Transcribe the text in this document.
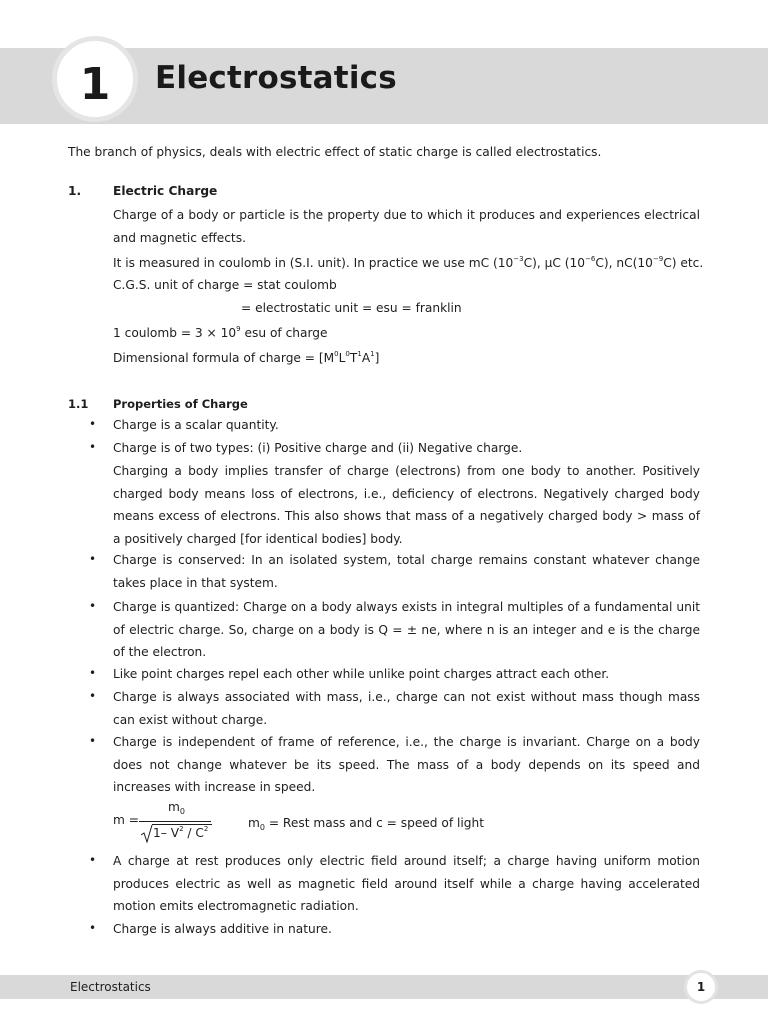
1 Electrostatics

The branch of physics, deals with electric effect of static charge is called electrostatics.

1.	Electric Charge

Charge of a body or particle is the property due to which it produces and experiences electrical and magnetic effects.

It is measured in coulomb in (S.I. unit). In practice we use mC $(10^{-3}C)$, μC $(10^{-6}C)$, $nC(10^{-9}C)$ etc.
C.G.S. unit of charge = stat coulomb
= electrostatic unit = esu = franklin
1 coulomb = $3 \times 10^9$ esu of charge
Dimensional formula of charge = $[M^0L^0T^1A^1]$
1.1 Properties of Charge
• Charge is a scalar quantity.

• Charge is of two types: (i) Positive charge and (ii) Negative charge.

Charging a body implies transfer of charge (electrons) from one body to another. Positively charged body means loss of electrons, i.e., deficiency of electrons. Negatively charged body means excess of electrons. This also shows that mass of a negatively charged body > mass of a positively charged [for identical bodies] body.

• Charge is conserved: In an isolated system, total charge remains constant whatever change takes place in that system.

• Charge is quantized: Charge on a body always exists in integral multiples of a fundamental unit of electric charge. So, charge on a body is Q = ± ne, where n is an integer and e is the charge of the electron.

• Like point charges repel each other while unlike point charges attract each other.

• Charge is always associated with mass, i.e., charge can not exist without mass though mass can exist without charge.

• Charge is independent of frame of reference, i.e., the charge is invariant. Charge on a body does not change whatever be its speed. The mass of a body depends on its speed and increases with increase in speed.

m =
$m_0$
1– $V^2 / C^2$	$m_0$ = Rest mass and c = speed of light
• A charge at rest produces only electric field around itself; a charge having uniform motion produces electric as well as magnetic field around itself while a charge having accelerated motion emits electromagnetic radiation.

• Charge is always additive in nature.

Electrostatics	1
